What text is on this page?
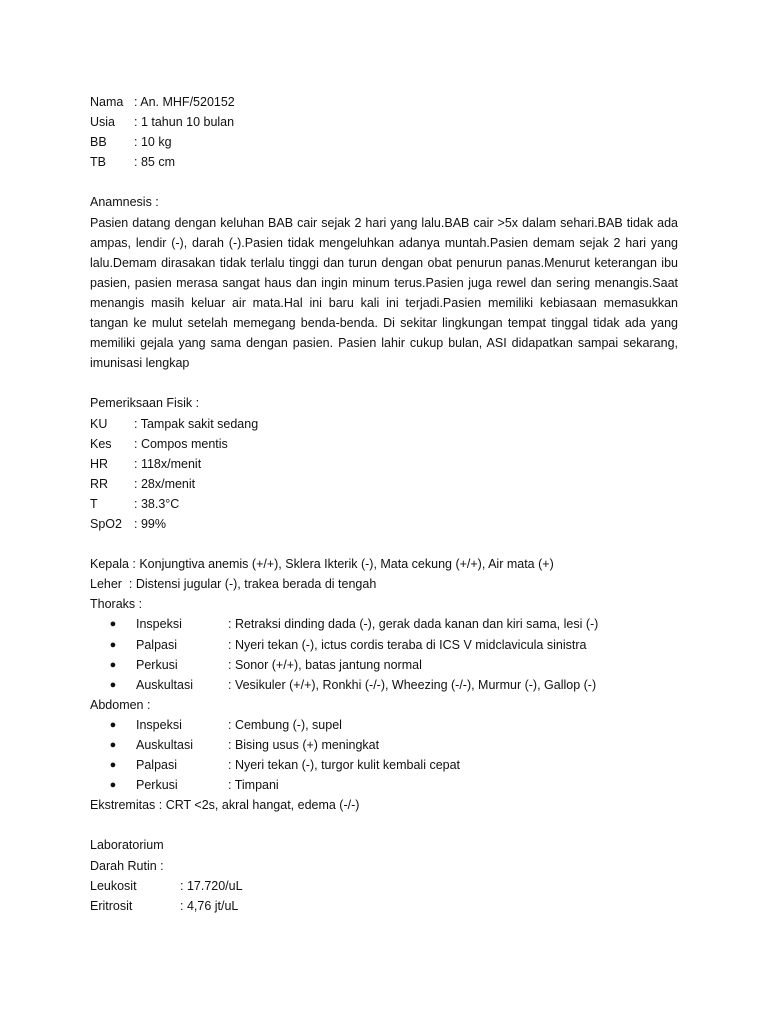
Nama : An. MHF/520152
Usia	: 1 tahun 10 bulan
BB	: 10 kg
TB	: 85 cm
Anamnesis :

Pasien datang dengan keluhan BAB cair sejak 2 hari yang lalu.BAB cair >5x dalam sehari.BAB tidak ada ampas, lendir (-), darah (-).Pasien tidak mengeluhkan adanya muntah.Pasien demam sejak 2 hari yang lalu.Demam dirasakan tidak terlalu tinggi dan turun dengan obat penurun panas.Menurut keterangan ibu pasien, pasien merasa sangat haus dan ingin minum terus.Pasien juga rewel dan sering menangis.Saat menangis masih keluar air mata.Hal ini baru kali ini terjadi.Pasien memiliki kebiasaan memasukkan tangan ke mulut setelah memegang benda-benda. Di sekitar lingkungan tempat tinggal tidak ada yang memiliki gejala yang sama dengan pasien. Pasien lahir cukup bulan, ASI didapatkan sampai sekarang, imunisasi lengkap

Pemeriksaan Fisik :
KU	: Tampak sakit sedang
Kes	: Compos mentis
HR	: 118x/menit
RR	: 28x/menit
T	: 38.3°C
SpO2 : 99%
Kepala : Konjungtiva anemis (+/+), Sklera Ikterik (-), Mata cekung (+/+), Air mata (+)
Leher  : Distensi jugular (-), trakea berada di tengah
Thoraks :
●	Inspeksi	: Retraksi dinding dada (-), gerak dada kanan dan kiri sama, lesi (-)
●	Palpasi	: Nyeri tekan (-), ictus cordis teraba di ICS V midclavicula sinistra
●	Perkusi	: Sonor (+/+), batas jantung normal
●	Auskultasi	: Vesikuler (+/+), Ronkhi (-/-), Wheezing (-/-), Murmur (-), Gallop (-)
Abdomen :
●	Inspeksi	: Cembung (-), supel
●	Auskultasi	: Bising usus (+) meningkat
●	Palpasi	: Nyeri tekan (-), turgor kulit kembali cepat
●	Perkusi	: Timpani
Ekstremitas : CRT <2s, akral hangat, edema (-/-)
Laboratorium
Darah Rutin :
Leukosit	: 17.720/uL
Eritrosit	: 4,76 jt/uL
